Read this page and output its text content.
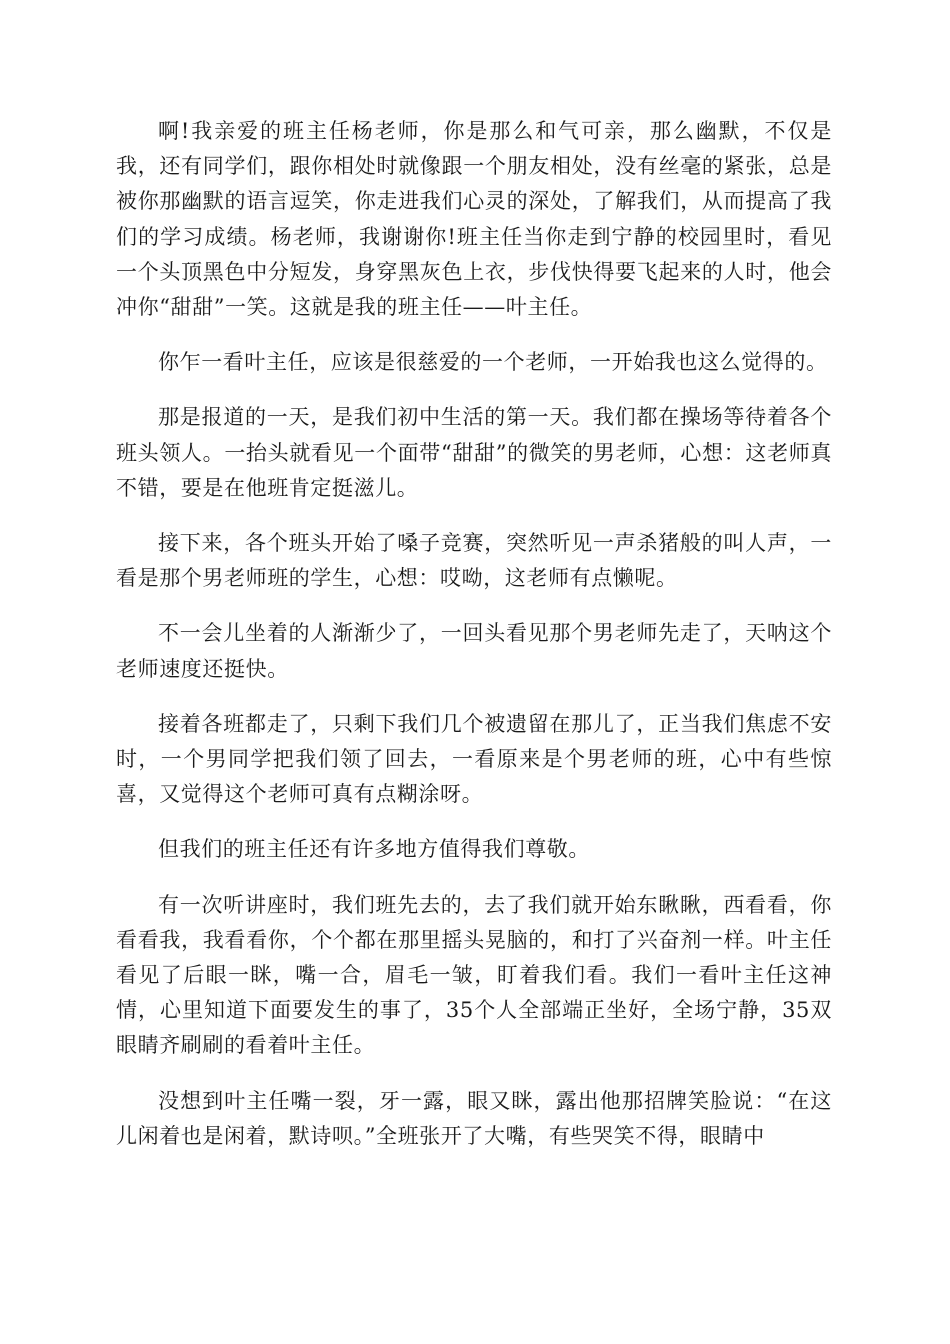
啊!我亲爱的班主任杨老师，你是那么和气可亲，那么幽默，不仅是我，还有同学们，跟你相处时就像跟一个朋友相处，没有丝毫的紧张，总是被你那幽默的语言逗笑，你走进我们心灵的深处，了解我们，从而提高了我们的学习成绩。杨老师，我谢谢你!班主任当你走到宁静的校园里时，看见一个头顶黑色中分短发，身穿黑灰色上衣，步伐快得要飞起来的人时，他会冲你“甜甜”一笑。这就是我的班主任——叶主任。

你乍一看叶主任，应该是很慈爱的一个老师，一开始我也这么觉得的。

那是报道的一天，是我们初中生活的第一天。我们都在操场等待着各个班头领人。一抬头就看见一个面带“甜甜”的微笑的男老师，心想：这老师真不错，要是在他班肯定挺滋儿。

接下来，各个班头开始了嗓子竞赛，突然听见一声杀猪般的叫人声，一看是那个男老师班的学生，心想：哎呦，这老师有点懒呢。

不一会儿坐着的人渐渐少了，一回头看见那个男老师先走了，天呐这个老师速度还挺快。

接着各班都走了，只剩下我们几个被遗留在那儿了，正当我们焦虑不安时，一个男同学把我们领了回去，一看原来是个男老师的班，心中有些惊喜，又觉得这个老师可真有点糊涂呀。

但我们的班主任还有许多地方值得我们尊敬。

有一次听讲座时，我们班先去的，去了我们就开始东瞅瞅，西看看，你看看我，我看看你，个个都在那里摇头晃脑的，和打了兴奋剂一样。叶主任看见了后眼一眯，嘴一合，眉毛一皱，盯着我们看。我们一看叶主任这神情，心里知道下面要发生的事了，35个人全部端正坐好，全场宁静，35双眼睛齐刷刷的看着叶主任。

没想到叶主任嘴一裂，牙一露，眼又眯，露出他那招牌笑脸说：“在这儿闲着也是闲着，默诗呗。”全班张开了大嘴，有些哭笑不得，眼睛中
